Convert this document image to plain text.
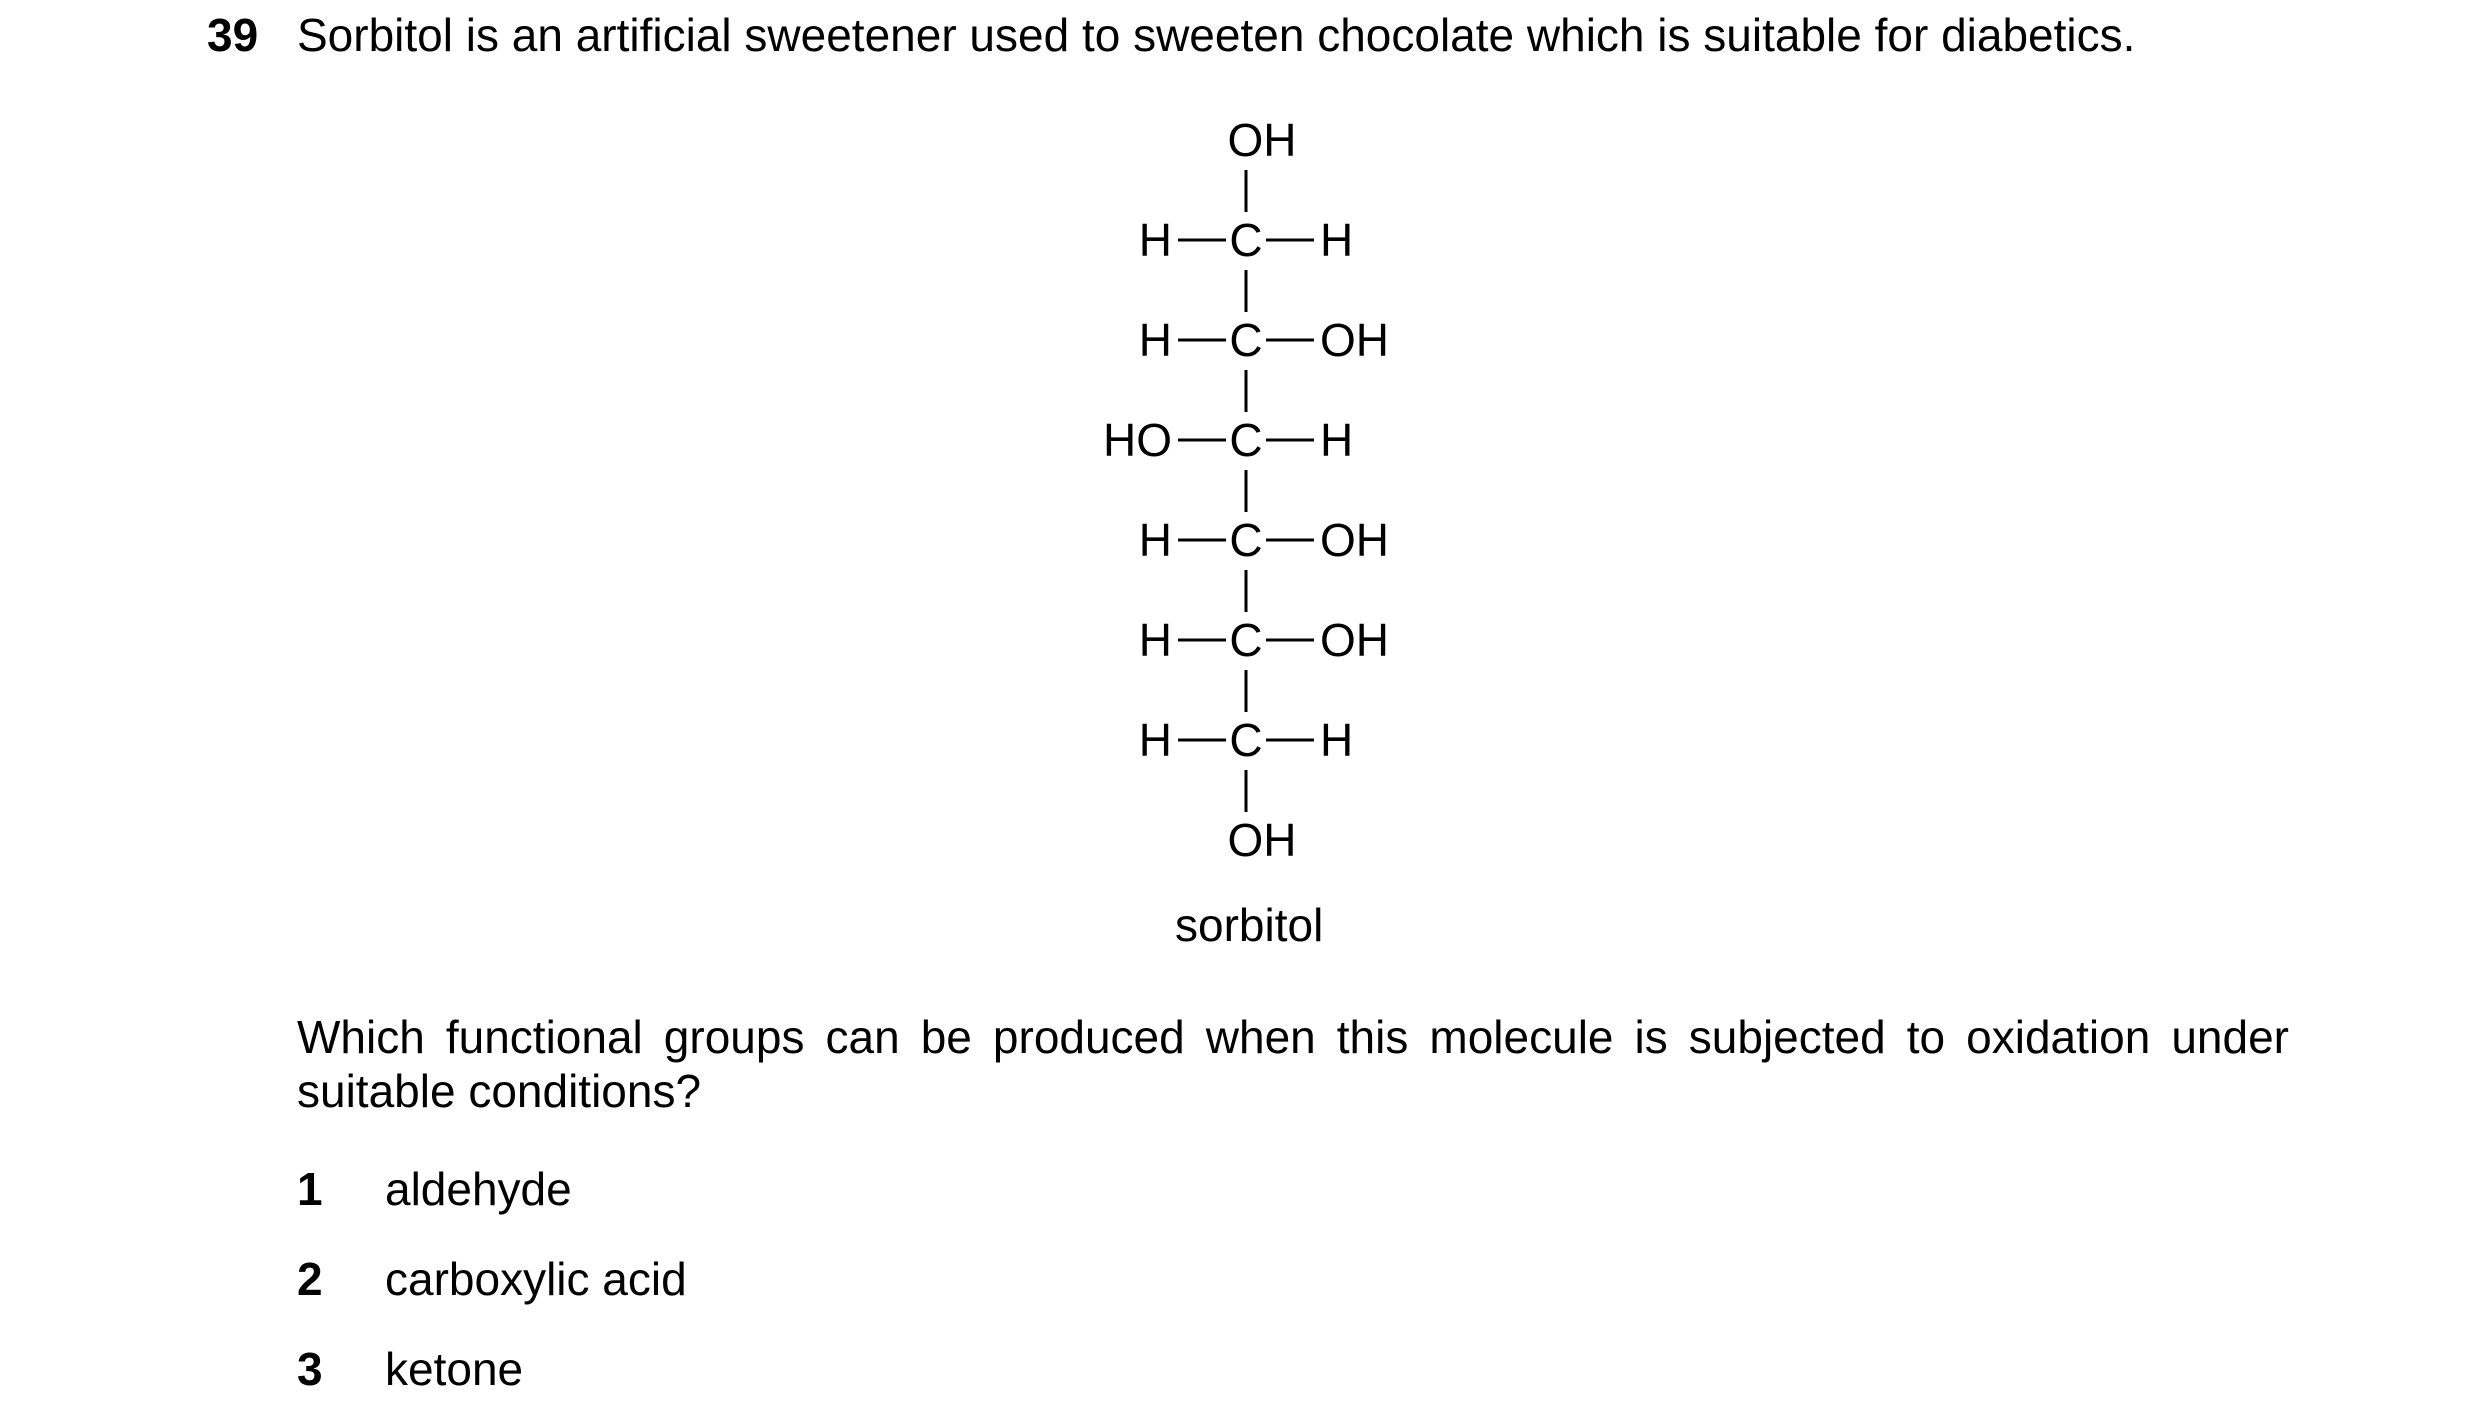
39 Sorbitol is an artificial sweetener used to sweeten chocolate which is suitable for diabetics.
OH
H C H
H C OH
HO C H
H C OH
H C OH
H C H
OH
sorbitol
Which functional groups can be produced when this molecule is subjected to oxidation under
suitable conditions?
1 aldehyde
2 carboxylic acid
3 ketone
